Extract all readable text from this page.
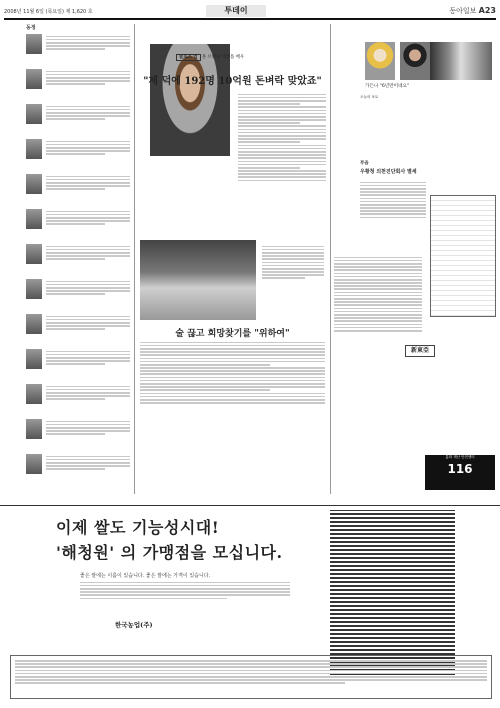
2008년 11월 6일 (목요일) 제 1,620 호	투데이	동아일보 A23
동정
클로즈 업 홍 브랜딩 엑센틀 배우
"제 덕에 192명 10억원 돈벼락 맞았죠"
술 끊고 희망찾기를 "위하여"
新東亞
가든나 "6년만이네요"
오늘의 포토
부음
우황청 의천진단회사 별세
통화 재난 안전센터
116
이제 쌀도 기능성시대!
'해청원' 의 가맹점을 모십니다.
좋은 쌀에는 이름이 있습니다. 좋은 쌀에는 가격이 있습니다.
한국농업(주)
